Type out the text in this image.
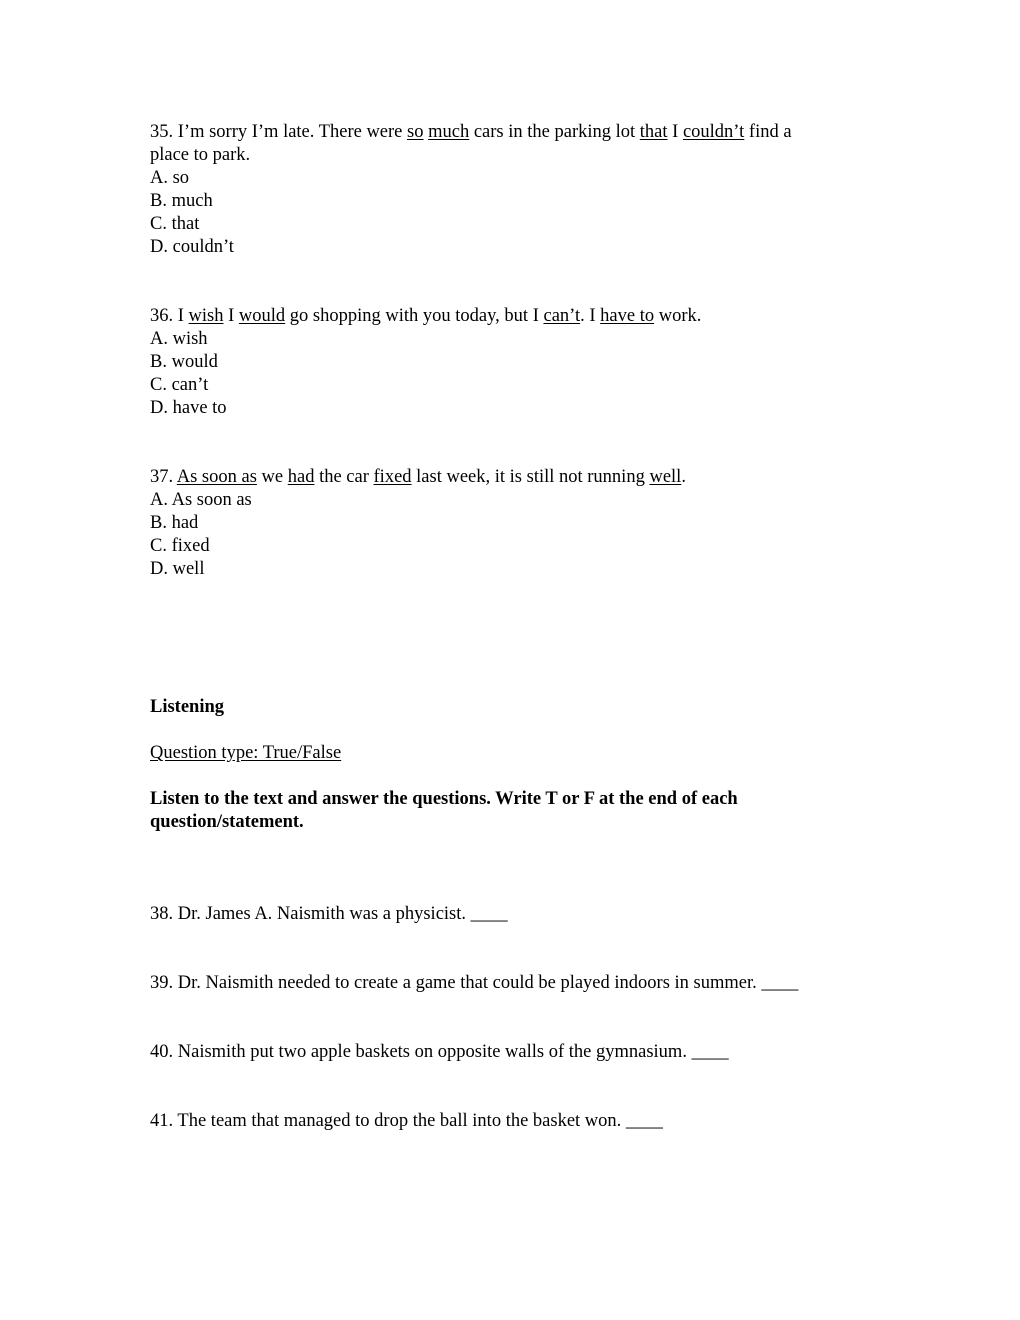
35. I’m sorry I’m late. There were so much cars in the parking lot that I couldn’t find a
place to park.
A. so
B. much
C. that
D. couldn’t
36. I wish I would go shopping with you today, but I can’t. I have to work.
A. wish
B. would
C. can’t
D. have to
37. As soon as we had the car fixed last week, it is still not running well.
A. As soon as
B. had
C. fixed
D. well
Listening
Question type: True/False
Listen to the text and answer the questions. Write T or F at the end of each
question/statement.
38. Dr. James A. Naismith was a physicist. ____
39. Dr. Naismith needed to create a game that could be played indoors in summer. ____
40. Naismith put two apple baskets on opposite walls of the gymnasium. ____
41. The team that managed to drop the ball into the basket won. ____
